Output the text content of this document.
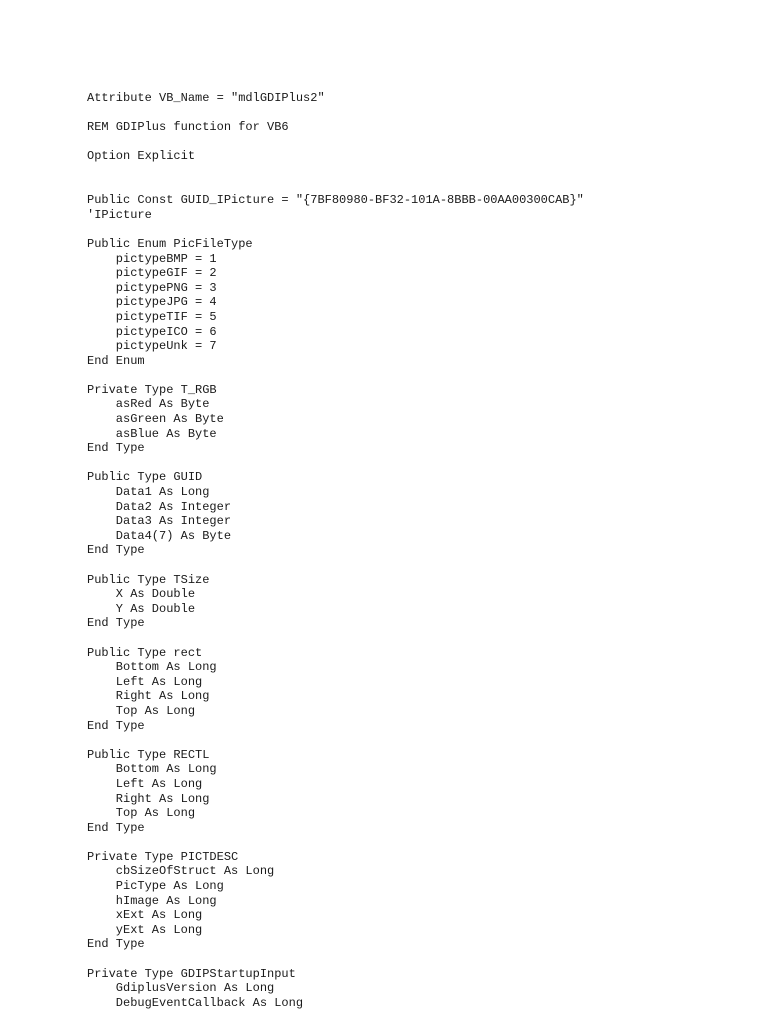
Attribute VB_Name = "mdlGDIPlus2"
REM GDIPlus function for VB6
Option Explicit
Public Const GUID_IPicture = "{7BF80980-BF32-101A-8BBB-00AA00300CAB}"
'IPicture
Public Enum PicFileType
pictypeBMP = 1
pictypeGIF = 2
pictypePNG = 3
pictypeJPG = 4
pictypeTIF = 5
pictypeICO = 6
pictypeUnk = 7
End Enum
Private Type T_RGB
asRed As Byte
asGreen As Byte
asBlue As Byte
End Type
Public Type GUID
Data1 As Long
Data2 As Integer
Data3 As Integer
Data4(7) As Byte
End Type
Public Type TSize
X As Double
Y As Double
End Type
Public Type rect
Bottom As Long
Left As Long
Right As Long
Top As Long
End Type
Public Type RECTL
Bottom As Long
Left As Long
Right As Long
Top As Long
End Type
Private Type PICTDESC
cbSizeOfStruct As Long
PicType As Long
hImage As Long
xExt As Long
yExt As Long
End Type
Private Type GDIPStartupInput
GdiplusVersion As Long
DebugEventCallback As Long
